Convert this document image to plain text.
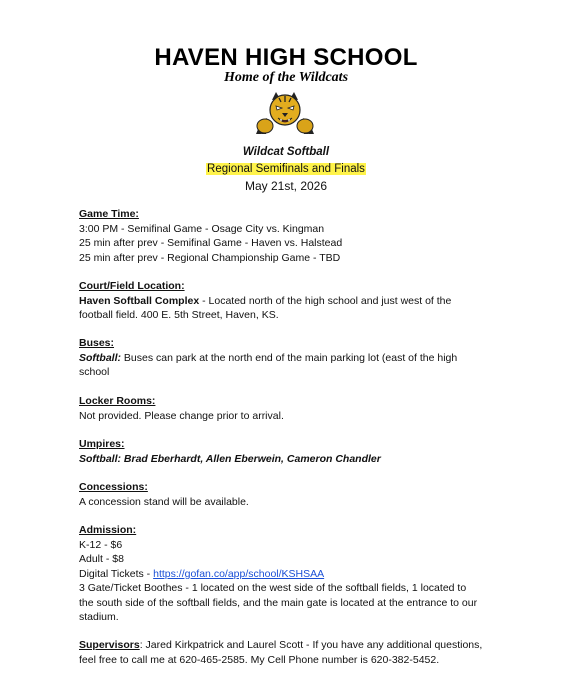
HAVEN HIGH SCHOOL
Home of the Wildcats
Wildcat Softball
Regional Semifinals and Finals
May 21st, 2026
Game Time:
3:00 PM - Semifinal Game - Osage City vs. Kingman
25 min after prev - Semifinal Game - Haven vs. Halstead
25 min after prev - Regional Championship Game - TBD
Court/Field Location:
Haven Softball Complex - Located north of the high school and just west of the
football field. 400 E. 5th Street, Haven, KS.
Buses:
Softball: Buses can park at the north end of the main parking lot (east of the high
school
Locker Rooms:
Not provided. Please change prior to arrival.
Umpires:
Softball: Brad Eberhardt, Allen Eberwein, Cameron Chandler
Concessions:
A concession stand will be available.
Admission:
K-12 - $6
Adult - $8
Digital Tickets - https://gofan.co/app/school/KSHSAA
3 Gate/Ticket Boothes - 1 located on the west side of the softball fields, 1 located to
the south side of the softball fields, and the main gate is located at the entrance to our
stadium.
Supervisors: Jared Kirkpatrick and Laurel Scott - If you have any additional questions,
feel free to call me at 620-465-2585. My Cell Phone number is 620-382-5452.
